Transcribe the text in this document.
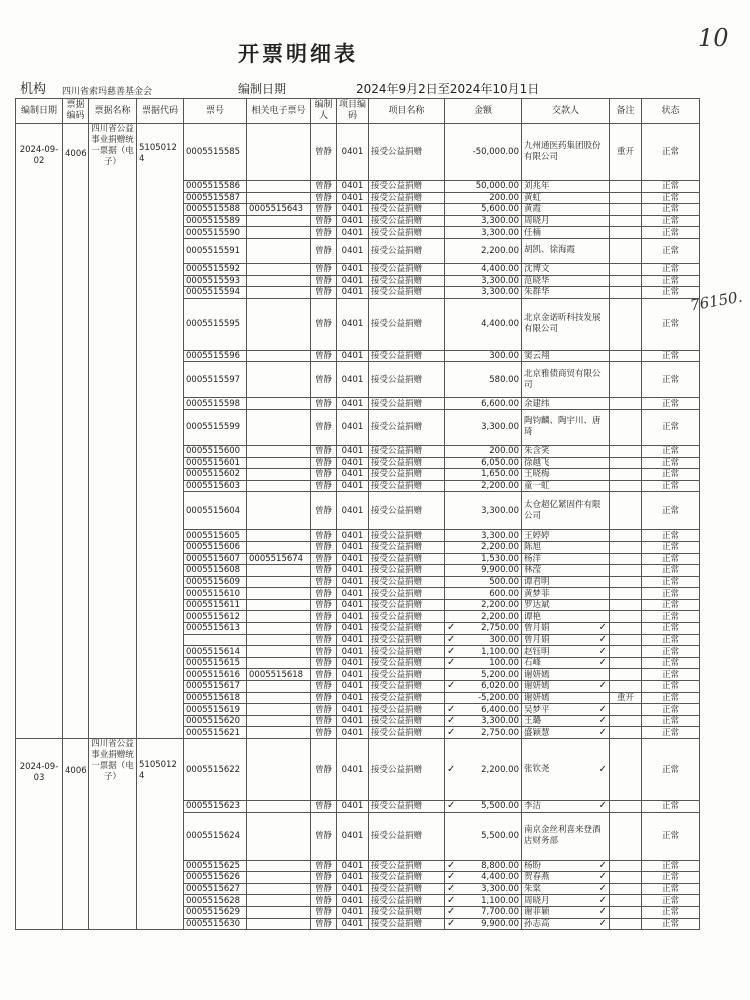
10
开票明细表
机构 四川省索玛慈善基金会	编制日期	2024年9月2日至2024年10月1日
76150.
编制日期	票据编码	票据名称	票据代码	票号	相关电子票号	编制人	项目编码	项目名称	金额	交款人	备注	状态
2024-09-02	4006	四川省公益事业捐赠统一票据（电子）	51050124	0005515585		曾静	0401	接受公益捐赠	-50,000.00	九州通医药集团股份有限公司	重开	正常
				0005515586		曾静	0401	接受公益捐赠	50,000.00	刘兆年		正常
				0005515587		曾静	0401	接受公益捐赠	200.00	黄虹		正常
				0005515588	0005515643	曾静	0401	接受公益捐赠	5,600.00	黄霞		正常
				0005515589		曾静	0401	接受公益捐赠	3,300.00	周晓月		正常
				0005515590		曾静	0401	接受公益捐赠	3,300.00	任楠		正常
				0005515591		曾静	0401	接受公益捐赠	2,200.00	胡凯、徐海霞		正常
				0005515592		曾静	0401	接受公益捐赠	4,400.00	沈博文		正常
				0005515593		曾静	0401	接受公益捐赠	3,300.00	范晓华		正常
				0005515594		曾静	0401	接受公益捐赠	3,300.00	朱群华		正常
				0005515595		曾静	0401	接受公益捐赠	4,400.00	北京金诺昕科技发展有限公司		正常
				0005515596		曾静	0401	接受公益捐赠	300.00	窦云翔		正常
				0005515597		曾静	0401	接受公益捐赠	580.00	北京雅债商贸有限公司		正常
				0005515598		曾静	0401	接受公益捐赠	6,600.00	余建纬		正常
				0005515599		曾静	0401	接受公益捐赠	3,300.00	陶钧麟、陶宇川、唐琦		正常
				0005515600		曾静	0401	接受公益捐赠	200.00	朱含笑		正常
				0005515601		曾静	0401	接受公益捐赠	6,050.00	徐越飞		正常
				0005515602		曾静	0401	接受公益捐赠	1,650.00	王晓梅		正常
				0005515603		曾静	0401	接受公益捐赠	2,200.00	童一虹		正常
				0005515604		曾静	0401	接受公益捐赠	3,300.00	太仓超亿紧固件有限公司		正常
				0005515605		曾静	0401	接受公益捐赠	3,300.00	王婷婷		正常
				0005515606		曾静	0401	接受公益捐赠	2,200.00	陈旭		正常
				0005515607	0005515674	曾静	0401	接受公益捐赠	1,530.00	杨洋		正常
				0005515608		曾静	0401	接受公益捐赠	9,900.00	林滢		正常
				0005515609		曾静	0401	接受公益捐赠	500.00	谭君明		正常
				0005515610		曾静	0401	接受公益捐赠	600.00	黄梦菲		正常
				0005515611		曾静	0401	接受公益捐赠	2,200.00	罗达斌		正常
				0005515612		曾静	0401	接受公益捐赠	2,200.00	谭艳		正常
				0005515613		曾静	0401	接受公益捐赠	✓ 2,750.00	曾月娟 ✓		正常
						曾静	0401	接受公益捐赠	✓ 300.00	曾月娟 ✓		正常
				0005515614		曾静	0401	接受公益捐赠	✓ 1,100.00	赵钰明 ✓		正常
				0005515615		曾静	0401	接受公益捐赠	✓ 100.00	石峰 ✓		正常
				0005515616	0005515618	曾静	0401	接受公益捐赠	5,200.00	谢妍嫣		正常
				0005515617		曾静	0401	接受公益捐赠	✓ 6,020.00	谢妍嫣 ✓		正常
				0005515618		曾静	0401	接受公益捐赠	-5,200.00	谢妍嫣	重开	正常
				0005515619		曾静	0401	接受公益捐赠	✓ 6,400.00	吴梦平 ✓		正常
				0005515620		曾静	0401	接受公益捐赠	✓ 3,300.00	王璐 ✓		正常
				0005515621		曾静	0401	接受公益捐赠	✓ 2,750.00	盛颖慧 ✓		正常
2024-09-03	4006	四川省公益事业捐赠统一票据（电子）	51050124	0005515622		曾静	0401	接受公益捐赠	✓ 2,200.00	张钦尧 ✓		正常
				0005515623		曾静	0401	接受公益捐赠	✓ 5,500.00	李洁 ✓		正常
				0005515624		曾静	0401	接受公益捐赠	5,500.00	南京金丝利喜来登酒店财务部		正常
				0005515625		曾静	0401	接受公益捐赠	✓ 8,800.00	杨盼 ✓		正常
				0005515626		曾静	0401	接受公益捐赠	✓ 4,400.00	贺春燕 ✓		正常
				0005515627		曾静	0401	接受公益捐赠	✓ 3,300.00	朱棠 ✓		正常
				0005515628		曾静	0401	接受公益捐赠	✓ 1,100.00	周晓月 ✓		正常
				0005515629		曾静	0401	接受公益捐赠	✓ 7,700.00	谢菲颖 ✓		正常
				0005515630		曾静	0401	接受公益捐赠	✓ 9,900.00	孙志高 ✓		正常
